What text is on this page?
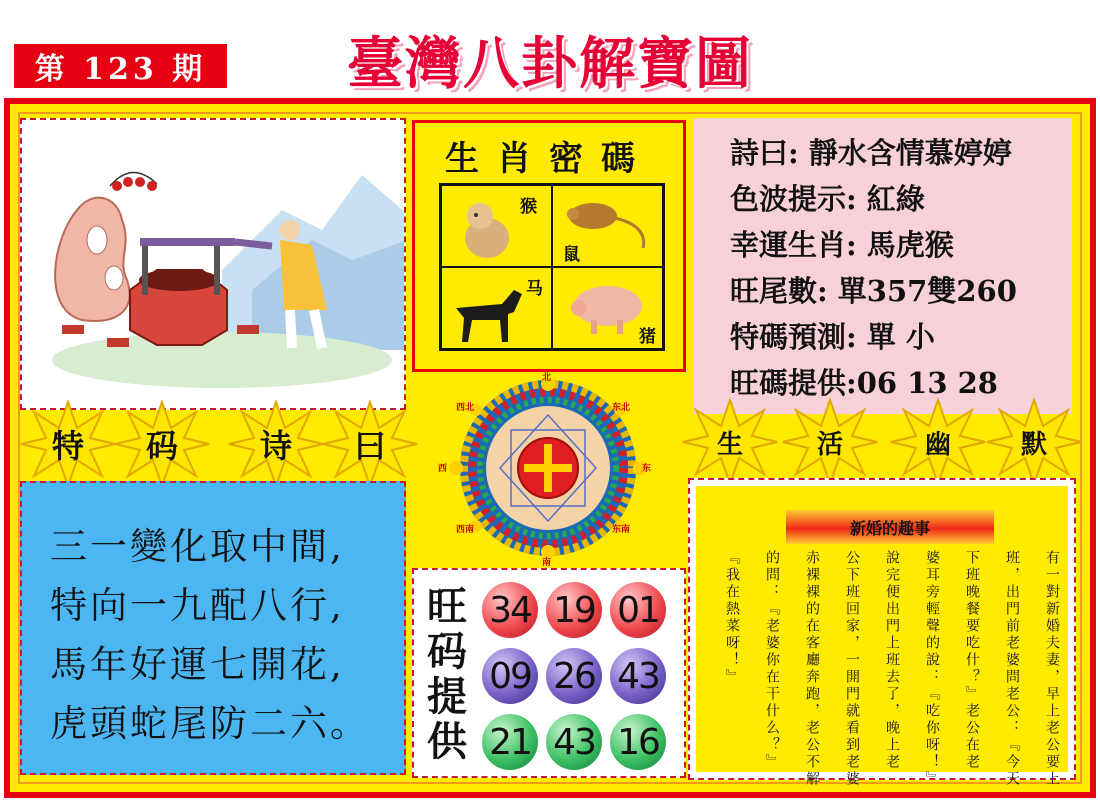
第 123 期	臺灣八卦解寶圖
生肖密碼
猴
鼠
马
猪
詩曰: 靜水含情慕婷婷
色波提示: 紅綠
幸運生肖: 馬虎猴
旺尾數: 單357雙260
特碼預測: 單 小
旺碼提供:06 13 28
特	码	诗	曰	生	活	幽	默
三一變化取中間,
特向一九配八行,
馬年好運七開花,
虎頭蛇尾防二六。
西北
北
东北
西	东
西南
南
东南
旺
码
提
供
34 19 01
09 26 43
21 43 16
新婚的趣事
有一對新婚夫妻，早上老公要上
班，出門前老婆問老公：『今天
下班晚餐要吃什？』老公在老
婆耳旁輕聲的說：『吃你呀！』
說完便出門上班去了，晚上老
公下班回家，一開門就看到老婆
赤裸裸的在客廳奔跑，老公不解
的問：『老婆你在干什么？』
『我在熱菜呀！』
